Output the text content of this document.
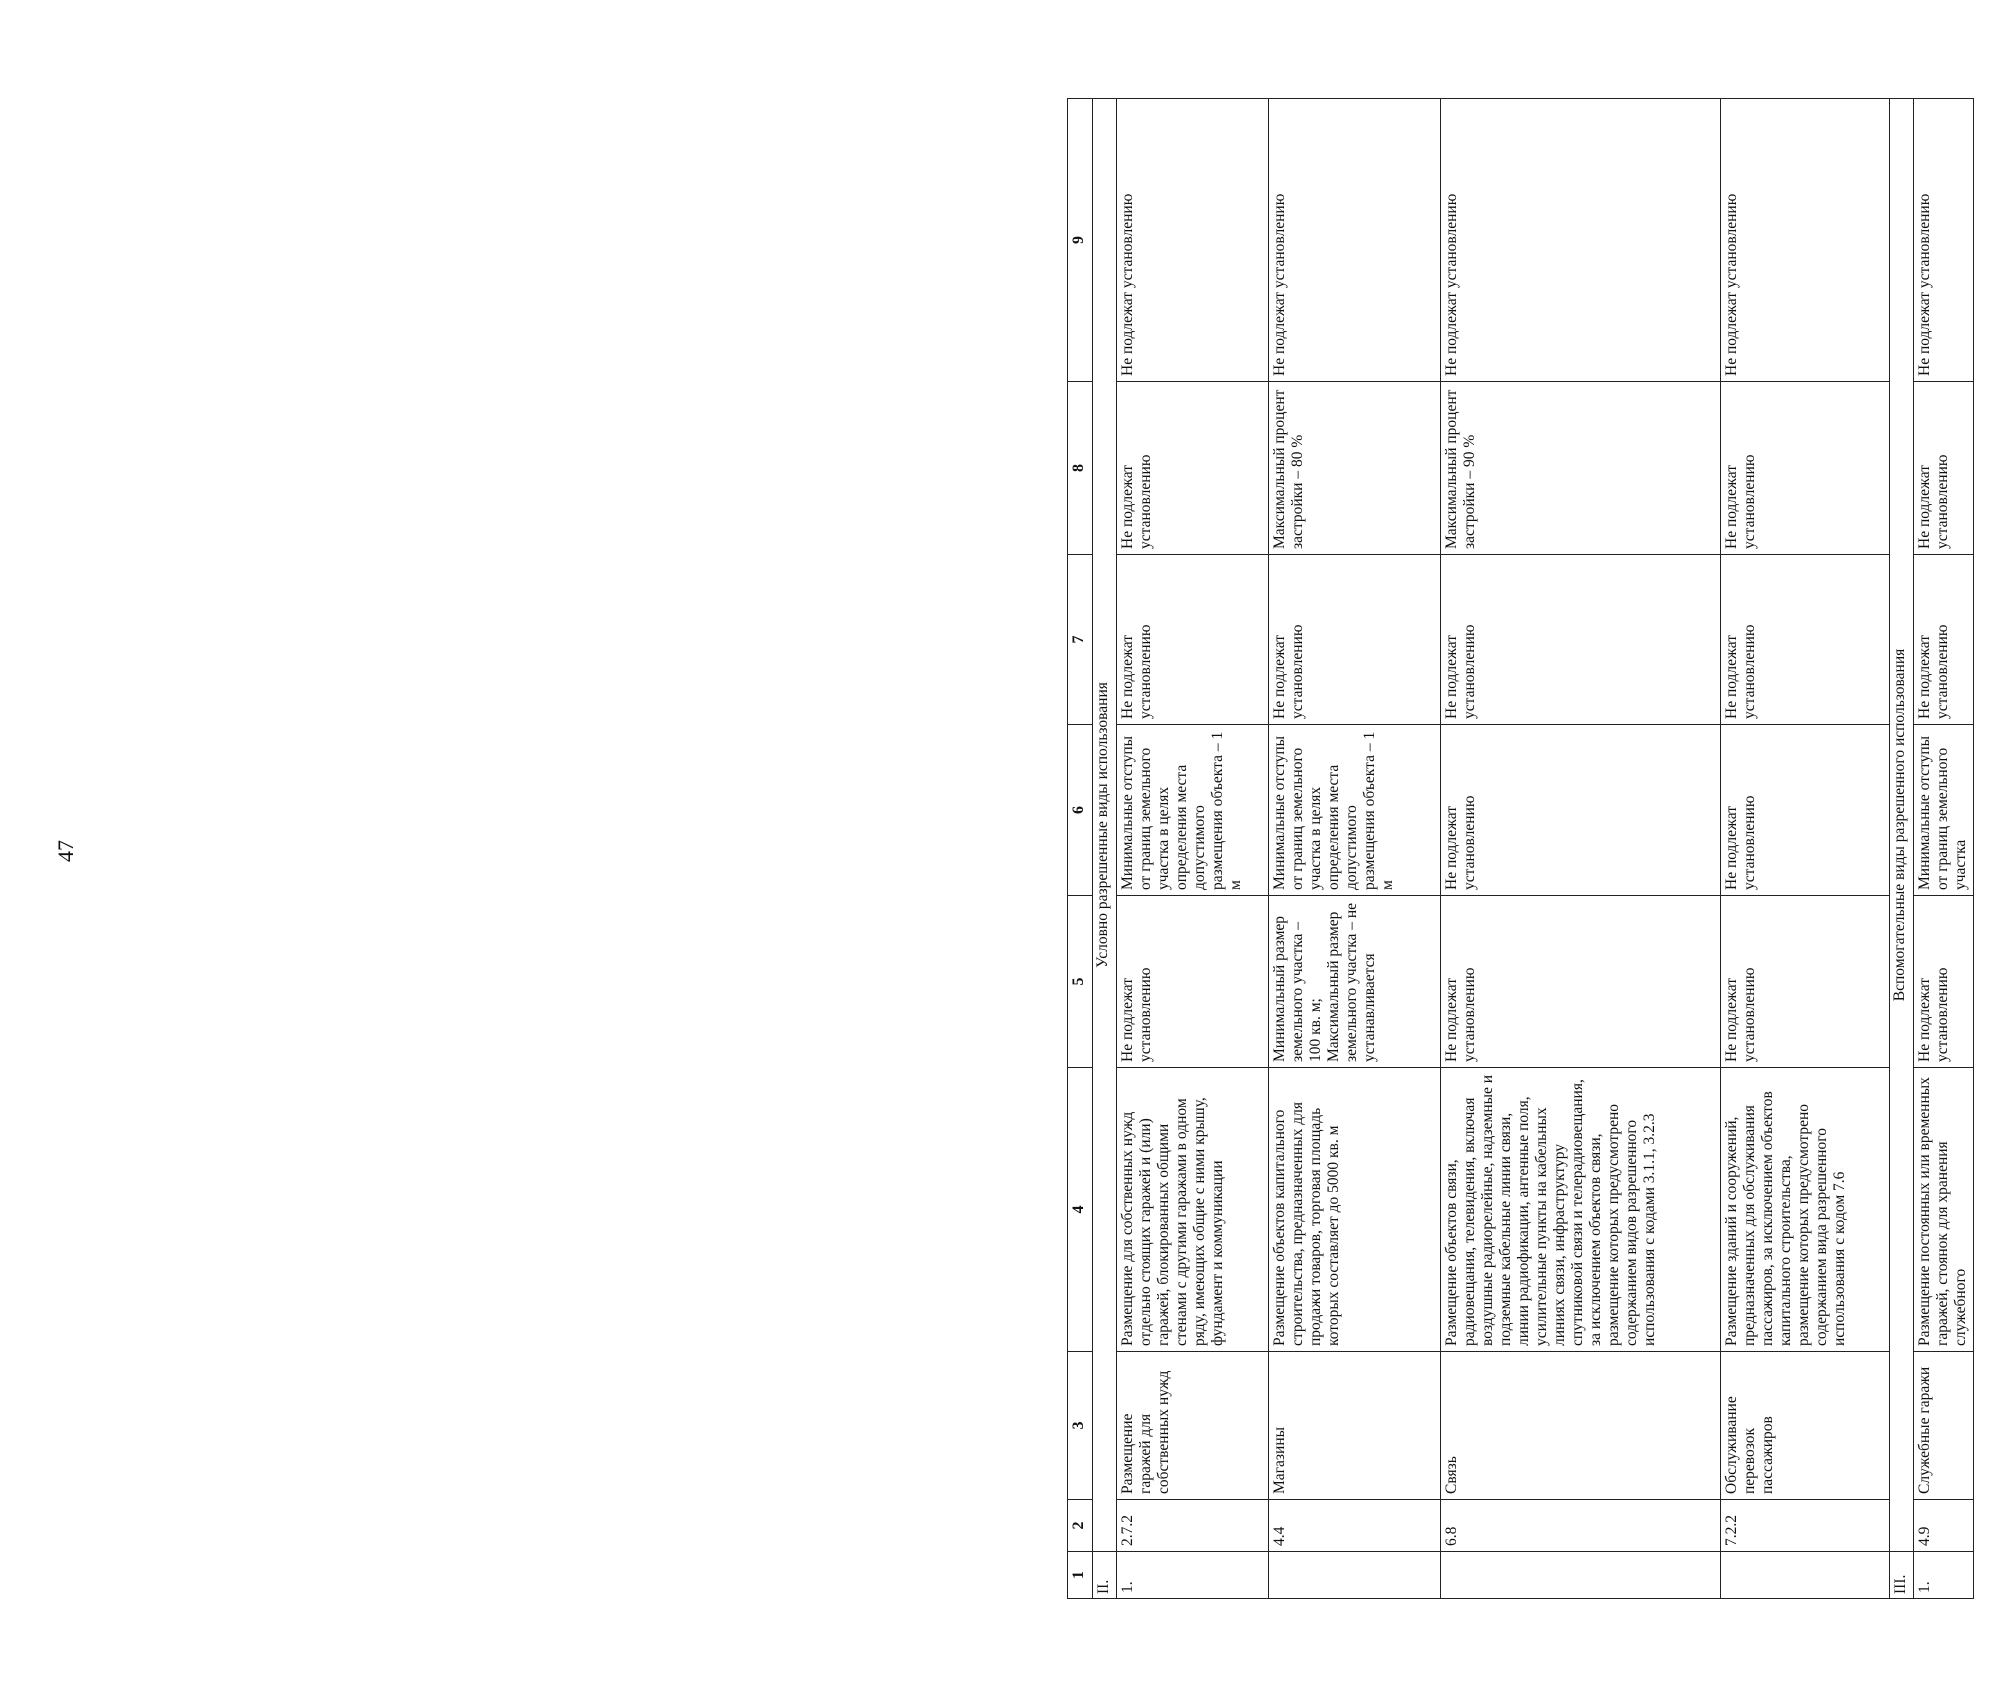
47
1	2	3	4	5	6	7	8	9
II.	Условно разрешенные виды использования							
1.	2.7.2	Размещение гаражей для собственных нужд	Размещение для собственных нужд отдельно стоящих гаражей и (или) гаражей, блокированных общими стенами с другими гаражами в одном ряду, имеющих общие с ними крышу, фундамент и коммуникации	Не подлежат установлению	Минимальные отступы от границ земельного участка в целях определения места допустимого размещения объекта – 1 м	Не подлежат установлению	Не подлежат установлению	Не подлежат установлению
	4.4	Магазины	Размещение объектов капитального строительства, предназначенных для продажи товаров, торговая площадь которых составляет до 5000 кв. м	Минимальный размер земельного участка – 100 кв. м; Максимальный размер земельного участка – не устанавливается	Минимальные отступы от границ земельного участка в целях определения места допустимого размещения объекта – 1 м	Не подлежат установлению	Максимальный процент застройки – 80 %	Не подлежат установлению
	6.8	Связь	Размещение объектов связи, радиовещания, телевидения, включая воздушные радиорелейные, надземные и подземные кабельные линии связи, линии радиофикации, антенные поля, усилительные пункты на кабельных линиях связи, инфраструктуру спутниковой связи и телерадиовещания, за исключением объектов связи, размещение которых предусмотрено содержанием видов разрешенного использования с кодами 3.1.1, 3.2.3	Не подлежат установлению	Не подлежат установлению	Не подлежат установлению	Максимальный процент застройки – 90 %	Не подлежат установлению
	7.2.2	Обслуживание перевозок пассажиров	Размещение зданий и сооружений, предназначенных для обслуживания пассажиров, за исключением объектов капитального строительства, размещение которых предусмотрено содержанием вида разрешенного использования с кодом 7.6	Не подлежат установлению	Не подлежат установлению	Не подлежат установлению	Не подлежат установлению	Не подлежат установлению
III.	Вспомогательные виды разрешенного использования							
1.	4.9	Служебные гаражи	Размещение постоянных или временных гаражей, стоянок для хранения служебного	Не подлежат установлению	Минимальные отступы от границ земельного участка	Не подлежат установлению	Не подлежат установлению	Не подлежат установлению
